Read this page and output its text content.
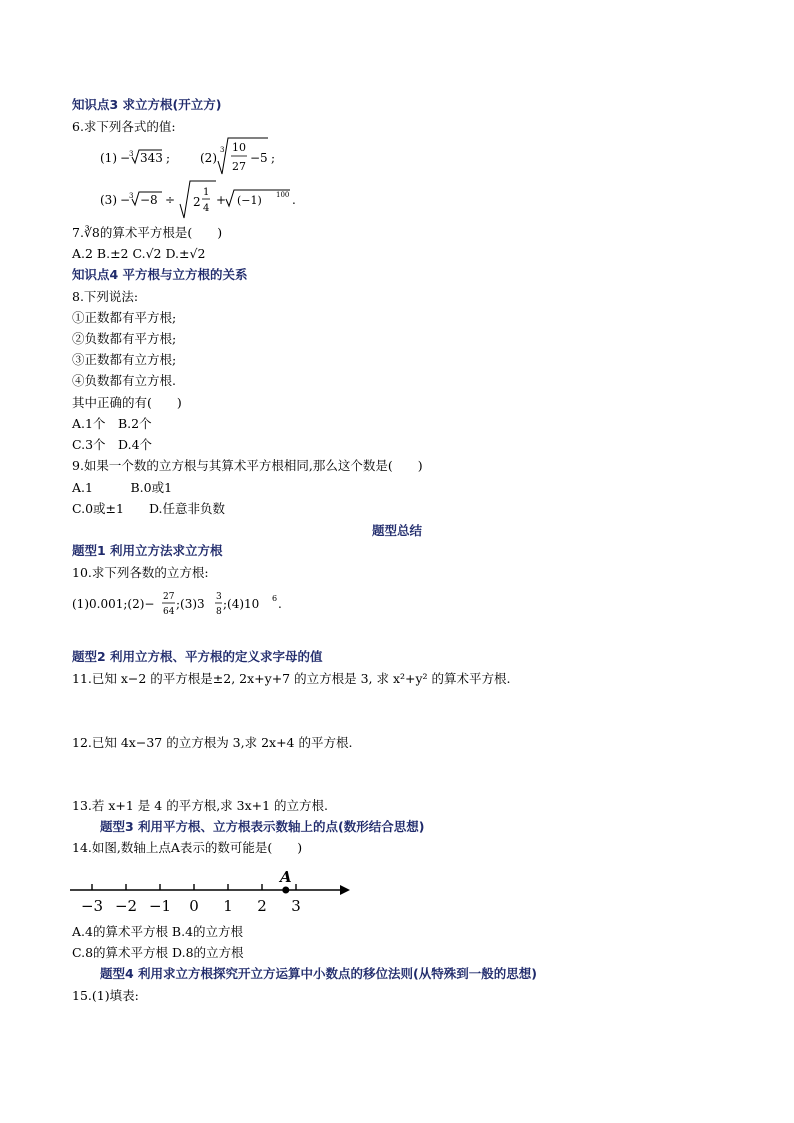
知识点3 求立方根(开立方)
6.求下列各式的值:
(1) −
3 343 ; (2)
3 10
27
−5 ;
(3) −
3 −8 ÷ 2
1
4
+ (−1) 100 .
7.∛8的算术平方根是(　　)
A.2 B.±2 C.√2 D.±√2
知识点4 平方根与立方根的关系
8.下列说法:
①正数都有平方根;
②负数都有平方根;
③正数都有立方根;
④负数都有立方根.
其中正确的有(　　)
A.1个　B.2个
C.3个　D.4个
9.如果一个数的立方根与其算术平方根相同,那么这个数是(　　)
A.1　　　B.0或1
C.0或±1　　D.任意非负数
题型总结
题型1 利用立方法求立方根
10.求下列各数的立方根:
(1)0.001;(2)− 27
64
;(3)3 3
8
;(4)10 6 .
题型2 利用立方根、平方根的定义求字母的值
11.已知 x−2 的平方根是±2, 2x+y+7 的立方根是 3, 求 x²+y² 的算术平方根.
12.已知 4x−37 的立方根为 3,求 2x+4 的平方根.
13.若 x+1 是 4 的平方根,求 3x+1 的立方根.
题型3 利用平方根、立方根表示数轴上的点(数形结合思想)
14.如图,数轴上点A表示的数可能是(　　)
−3 −2 −1 0 1 2 3
A
A.4的算术平方根 B.4的立方根
C.8的算术平方根 D.8的立方根
题型4 利用求立方根探究开立方运算中小数点的移位法则(从特殊到一般的思想)
15.(1)填表:
